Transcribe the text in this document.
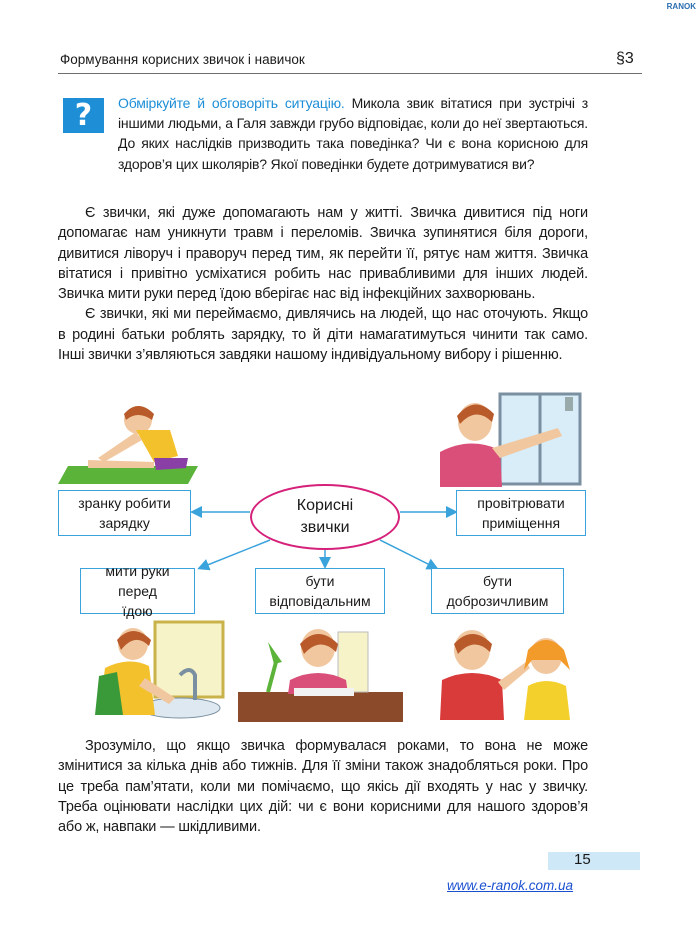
RANOK
Формування корисних звичок і навичок	§3
?	Обміркуйте й обговоріть ситуацію. Микола звик вітатися при зустрічі з іншими людьми, а Галя завжди грубо відповідає, коли до неї звертаються. До яких наслідків призводить така поведінка? Чи є вона корисною для здоров’я цих школярів? Якої поведінки будете дотримуватися ви?

Є звички, які дуже допомагають нам у житті. Звичка дивитися під ноги допомагає нам уникнути травм і переломів. Звичка зупинятися біля дороги, дивитися ліворуч і праворуч перед тим, як перейти її, рятує нам життя. Звичка вітатися і привітно усміхатися робить нас привабливими для інших людей. Звичка мити руки перед їдою вберігає нас від інфекційних захворювань.

Є звички, які ми переймаємо, дивлячись на людей, що нас оточують. Якщо в родині батьки роблять зарядку, то й діти намагатимуться чинити так само. Інші звички з’являються завдяки нашому індивідуальному вибору і рішенню.

зранку робити зарядку
Корисні звички
провітрювати приміщення
мити руки перед їдою
бути відповідальним
бути доброзичливим

Зрозуміло, що якщо звичка формувалася роками, то вона не може змінитися за кілька днів або тижнів. Для її зміни також знадобляться роки. Про це треба пам’ятати, коли ми помічаємо, що якісь дії входять у нас у звичку. Треба оцінювати наслідки цих дій: чи є вони корисними для нашого здоров’я або ж, навпаки — шкідливими.

15
www.e-ranok.com.ua
